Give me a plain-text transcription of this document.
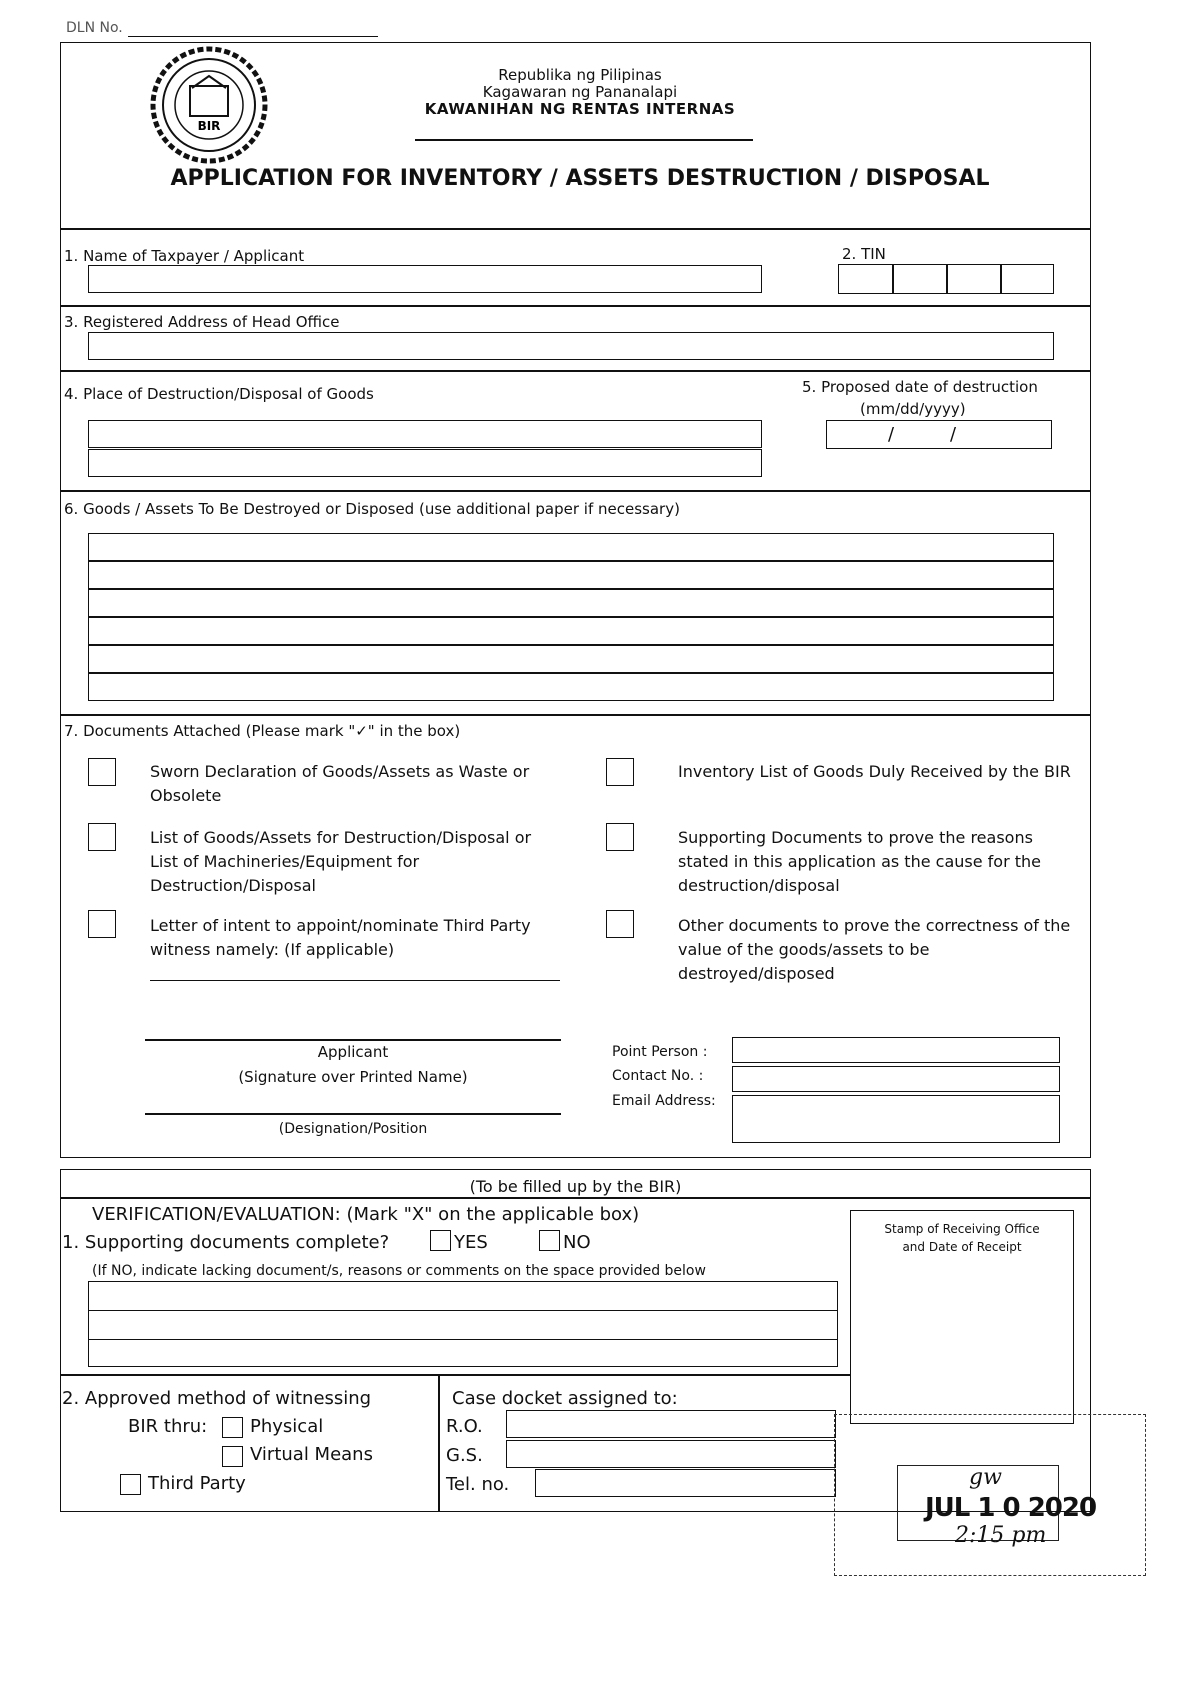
DLN No.
BIR
Republika ng Pilipinas
Kagawaran ng Pananalapi
KAWANIHAN NG RENTAS INTERNAS
APPLICATION FOR INVENTORY / ASSETS DESTRUCTION / DISPOSAL
1. Name of Taxpayer / Applicant	2. TIN
3. Registered Address of Head Office
4. Place of Destruction/Disposal of Goods	5. Proposed date of destruction
(mm/dd/yyyy)
/	/
6. Goods / Assets To Be Destroyed or Disposed (use additional paper if necessary)
7. Documents Attached (Please mark "✓" in the box)
Sworn Declaration of Goods/Assets as Waste or Obsolete
List of Goods/Assets for Destruction/Disposal or List of Machineries/Equipment for Destruction/Disposal
Letter of intent to appoint/nominate Third Party witness namely: (If applicable)
Inventory List of Goods Duly Received by the BIR
Supporting Documents to prove the reasons stated in this application as the cause for the destruction/disposal
Other documents to prove the correctness of the value of the goods/assets to be destroyed/disposed
Applicant
(Signature over Printed Name)
(Designation/Position
Point Person :
Contact No. :
Email Address:
(To be filled up by the BIR)
VERIFICATION/EVALUATION: (Mark "X" on the applicable box)
1. Supporting documents complete?	YES	NO
(If NO, indicate lacking document/s, reasons or comments on the space provided below
Stamp of Receiving Office
and Date of Receipt
2. Approved method of witnessing
BIR thru: Physical
Virtual Means
Third Party
Case docket assigned to:
R.O.
G.S.
Tel. no.	gw
JUL 1 0 2020
2:15 pm
